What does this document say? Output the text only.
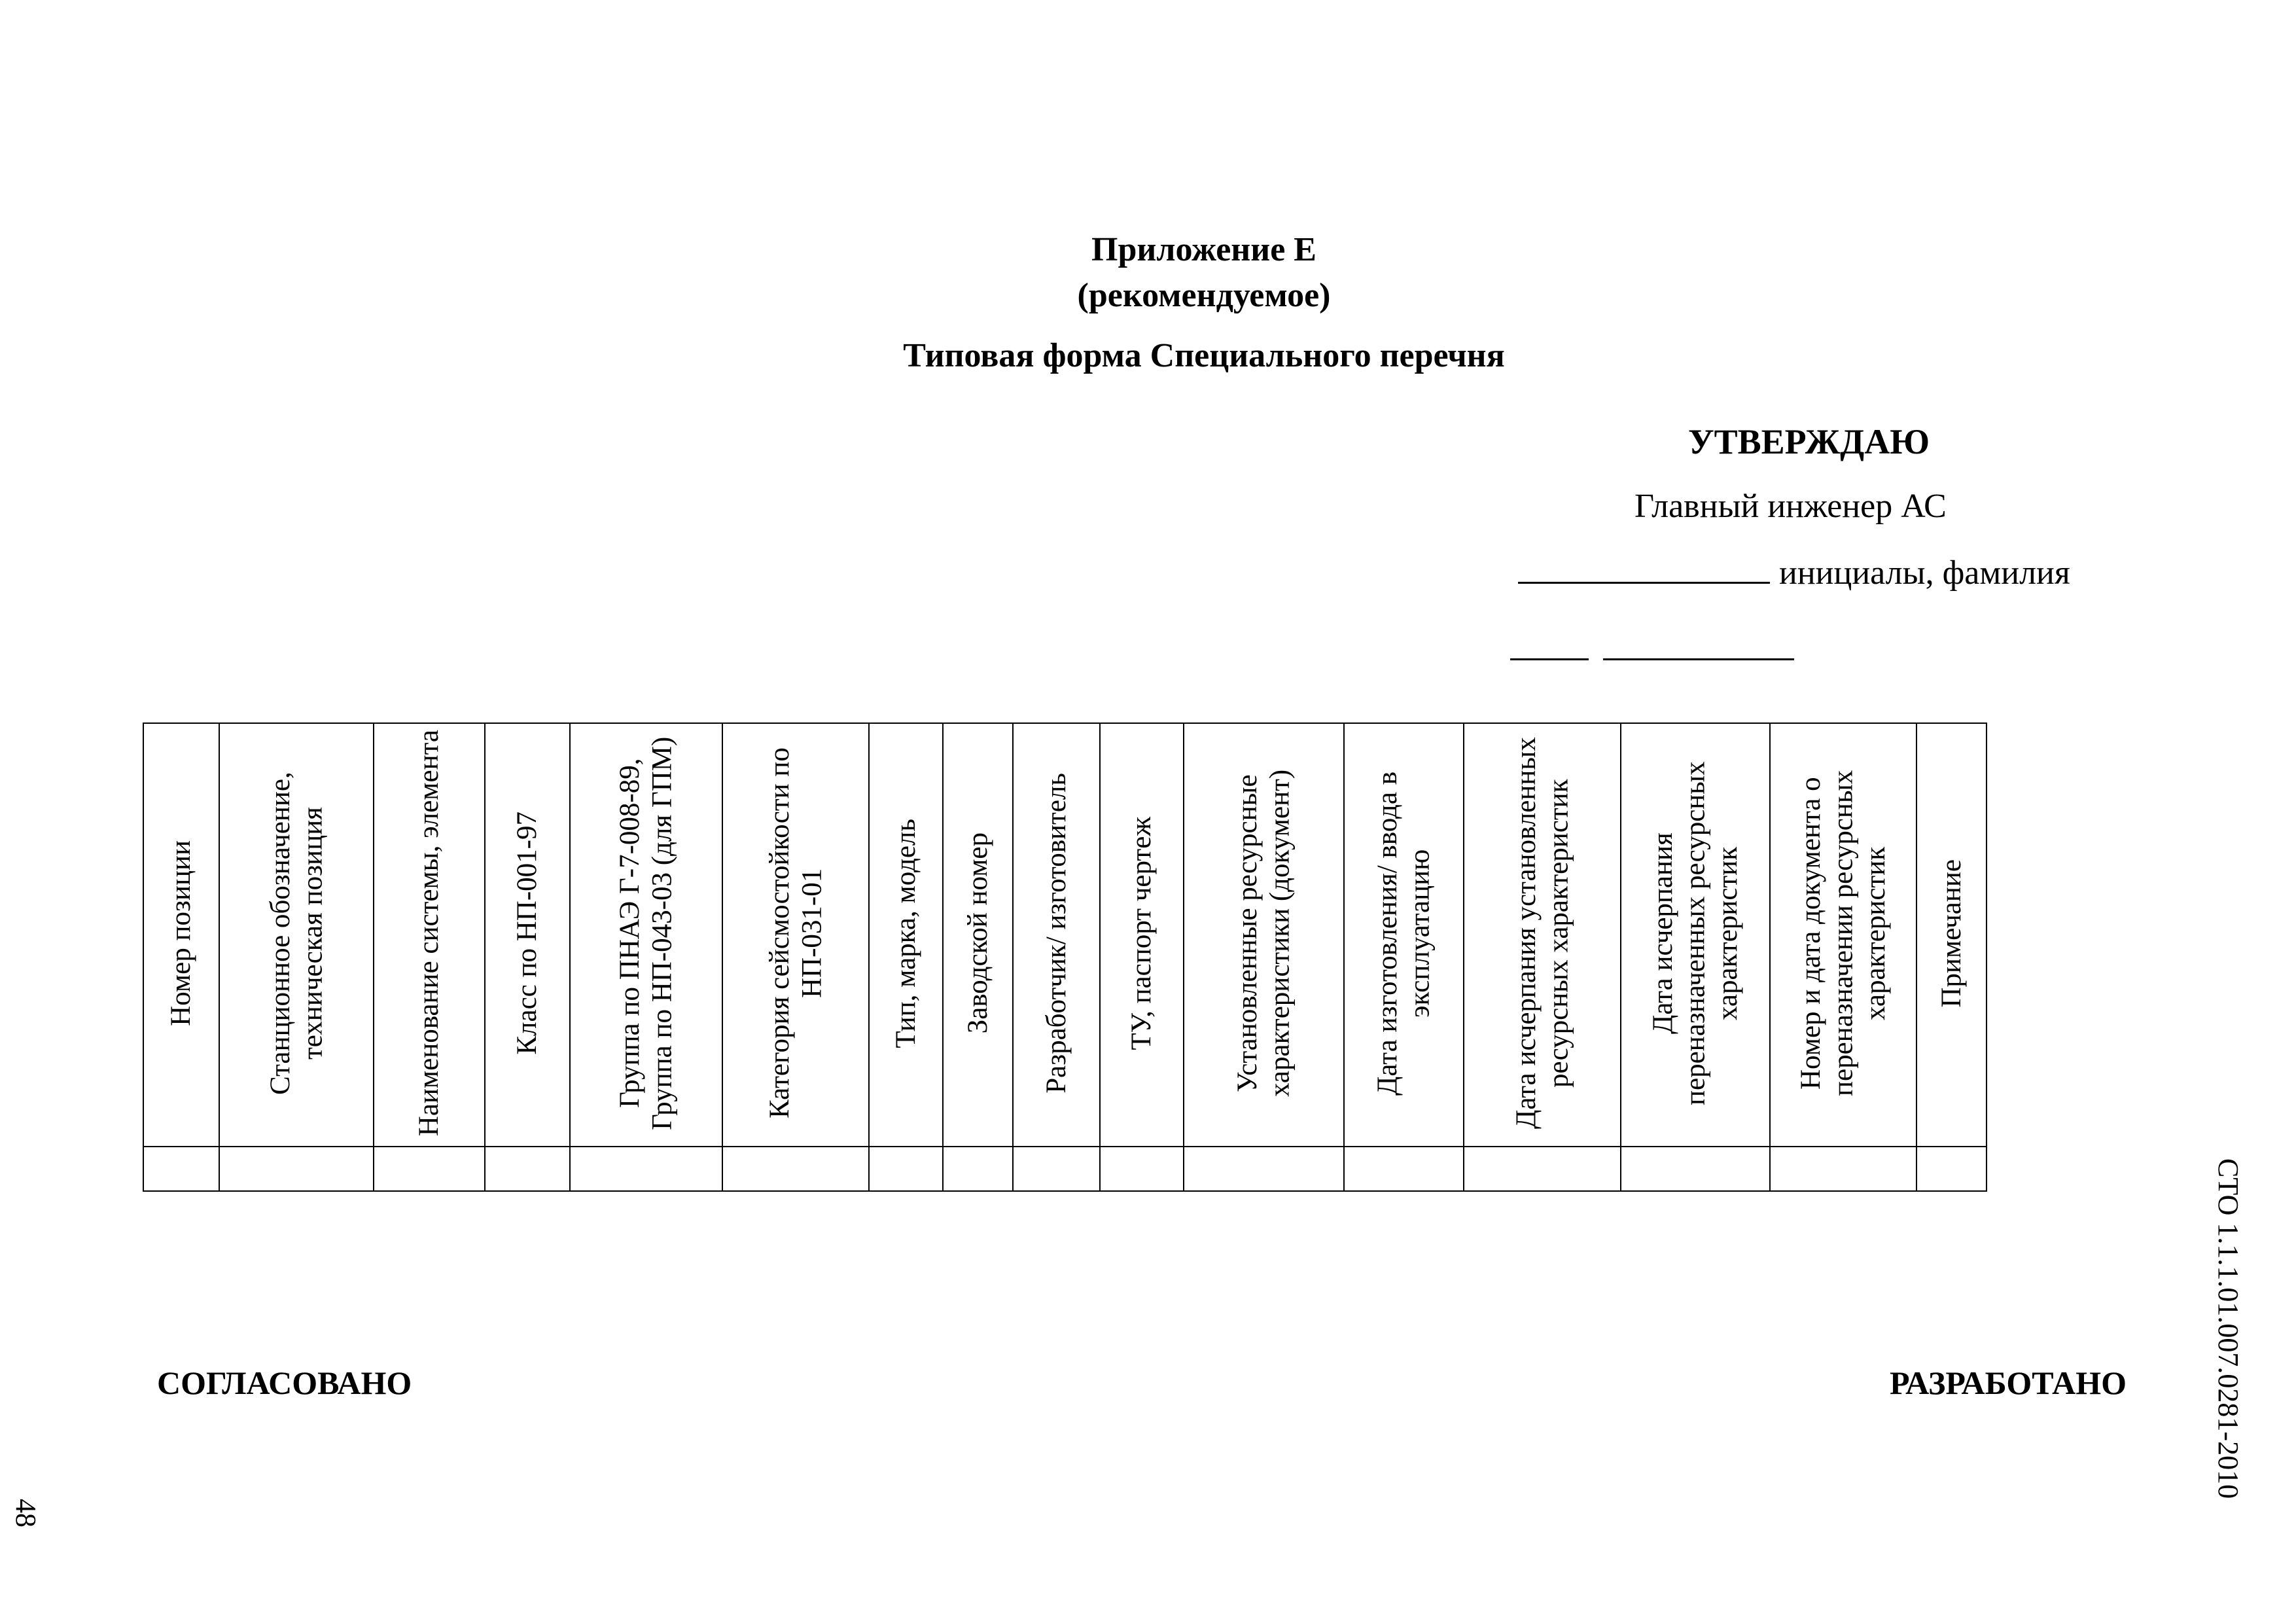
Приложение Е
(рекомендуемое)
Типовая форма Специального перечня
УТВЕРЖДАЮ
Главный инженер АС
инициалы, фамилия
Номер позиции	Станционное обозначение, техническая позиция	Наименование системы, элемента	Класс по НП-001-97	Группа по ПНАЭ Г-7-008-89, Группа по НП-043-03 (для ГПМ)	Категория сейсмостойкости по НП-031-01	Тип, марка, модель	Заводской номер	Разработчик/ изготовитель	ТУ, паспорт чертеж	Установленные ресурсные характеристики (документ)	Дата изготовления/ ввода в эксплуатацию	Дата исчерпания установленных ресурсных характеристик	Дата исчерпания переназначенных ресурсных характеристик	Номер и дата документа о переназначении ресурсных характеристик	Примечание

СОГЛАСОВАНО	РАЗРАБОТАНО	СТО 1.1.1.01.007.0281-2010
48
